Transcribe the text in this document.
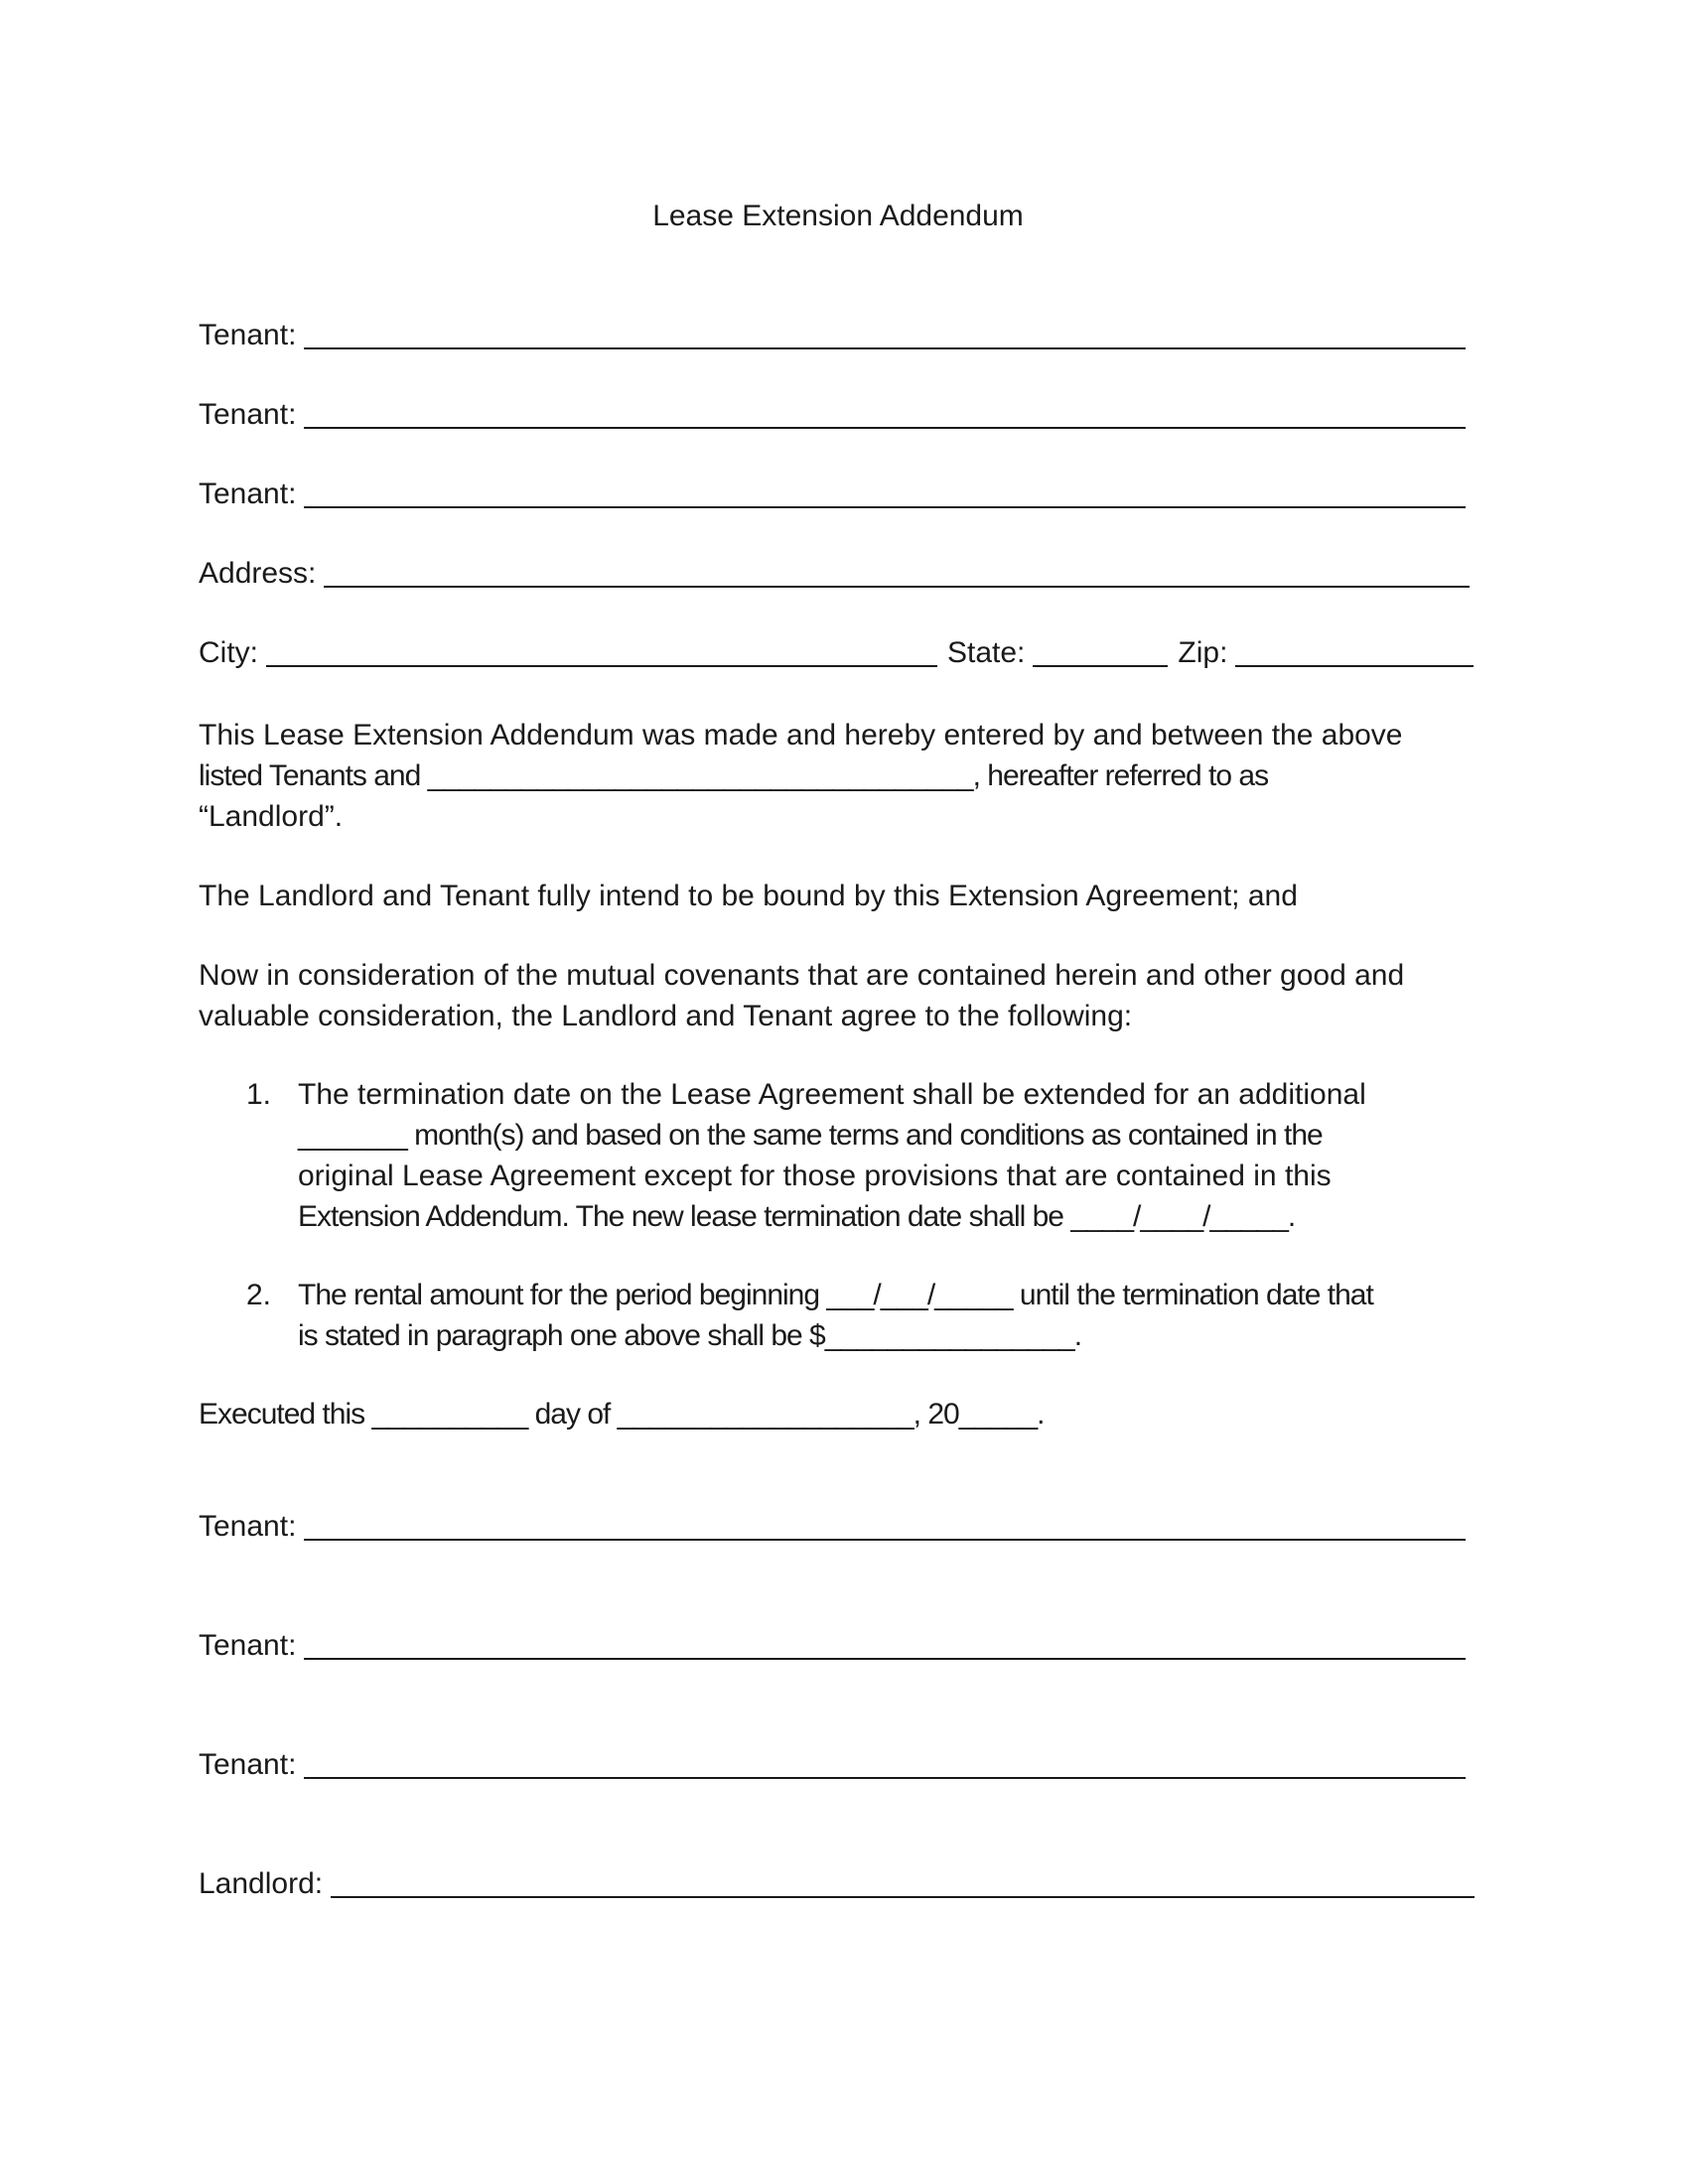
Lease Extension Addendum
Tenant:
Tenant:
Tenant:
Address:
City:	State:	Zip:
This Lease Extension Addendum was made and hereby entered by and between the above
listed Tenants and ___________________________________, hereafter referred to as
“Landlord”.
The Landlord and Tenant fully intend to be bound by this Extension Agreement; and
Now in consideration of the mutual covenants that are contained herein and other good and
valuable consideration, the Landlord and Tenant agree to the following:
1. The termination date on the Lease Agreement shall be extended for an additional
_______ month(s) and based on the same terms and conditions as contained in the
original Lease Agreement except for those provisions that are contained in this
Extension Addendum. The new lease termination date shall be ____/____/_____.
2. The rental amount for the period beginning ___/___/_____ until the termination date that
is stated in paragraph one above shall be $________________.
Executed this __________ day of ___________________, 20_____.
Tenant:
Tenant:
Tenant:
Landlord:
